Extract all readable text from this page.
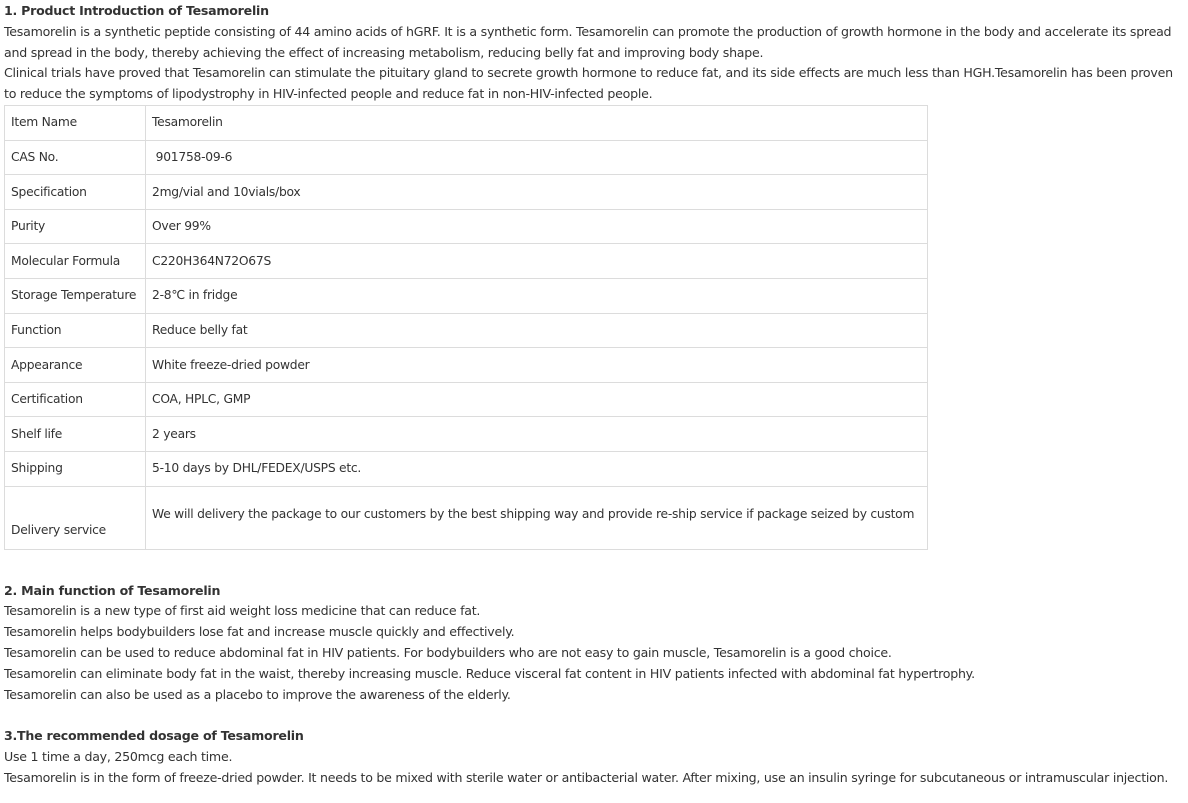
1. Product Introduction of Tesamorelin

Tesamorelin is a synthetic peptide consisting of 44 amino acids of hGRF. It is a synthetic form. Tesamorelin can promote the production of growth hormone in the body and accelerate its spread and spread in the body, thereby achieving the effect of increasing metabolism, reducing belly fat and improving body shape.

Clinical trials have proved that Tesamorelin can stimulate the pituitary gland to secrete growth hormone to reduce fat, and its side effects are much less than HGH.Tesamorelin has been proven to reduce the symptoms of lipodystrophy in HIV-infected people and reduce fat in non-HIV-infected people.

Item Name	Tesamorelin
CAS No.	901758-09-6
Specification	2mg/vial and 10vials/box
Purity	Over 99%
Molecular Formula	C220H364N72O67S
Storage Temperature	2-8℃ in fridge
Function	Reduce belly fat
Appearance	White freeze-dried powder
Certification	COA, HPLC, GMP
Shelf life	2 years
Shipping	5-10 days by DHL/FEDEX/USPS etc.
Delivery service	We will delivery the package to our customers by the best shipping way and provide re-ship service if package seized by custom
2. Main function of Tesamorelin

Tesamorelin is a new type of first aid weight loss medicine that can reduce fat.

Tesamorelin helps bodybuilders lose fat and increase muscle quickly and effectively.

Tesamorelin can be used to reduce abdominal fat in HIV patients. For bodybuilders who are not easy to gain muscle, Tesamorelin is a good choice.

Tesamorelin can eliminate body fat in the waist, thereby increasing muscle. Reduce visceral fat content in HIV patients infected with abdominal fat hypertrophy.

Tesamorelin can also be used as a placebo to improve the awareness of the elderly.

3.The recommended dosage of Tesamorelin

Use 1 time a day, 250mcg each time.

Tesamorelin is in the form of freeze-dried powder. It needs to be mixed with sterile water or antibacterial water. After mixing, use an insulin syringe for subcutaneous or intramuscular injection.
